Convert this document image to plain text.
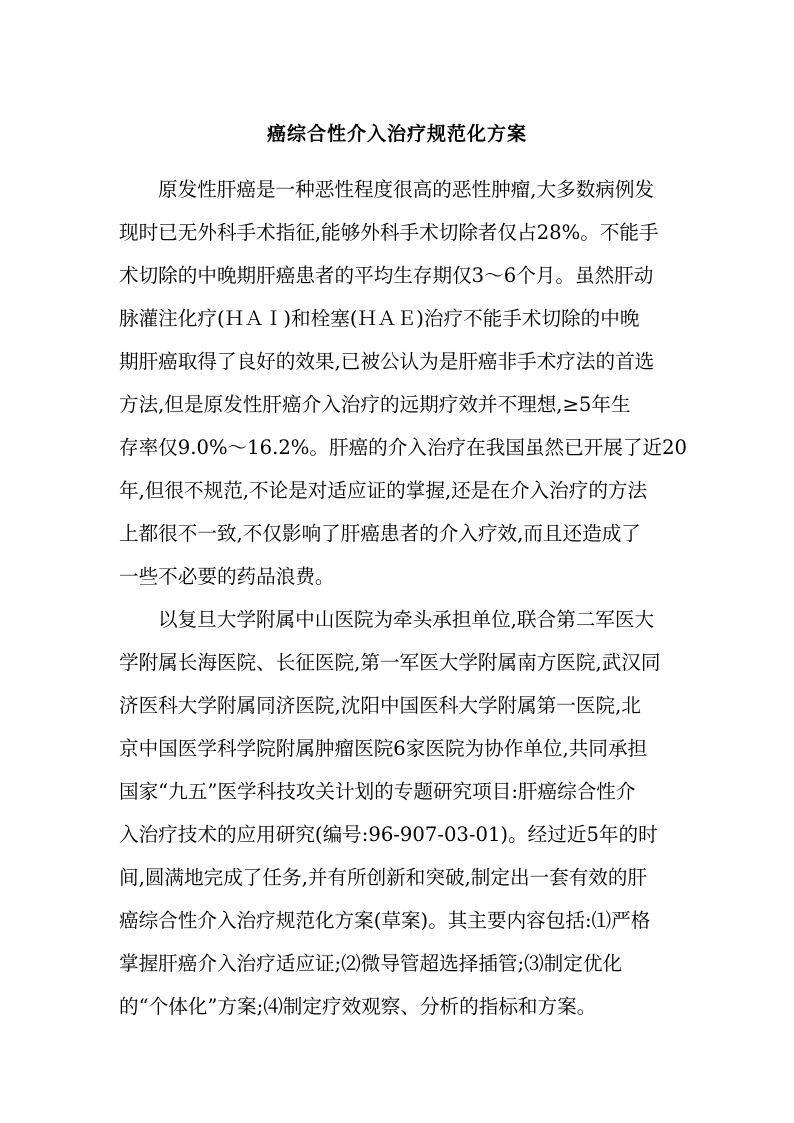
癌综合性介入治疗规范化方案

原发性肝癌是一种恶性程度很高的恶性肿瘤,大多数病例发

现时已无外科手术指征,能够外科手术切除者仅占28%。不能手

术切除的中晚期肝癌患者的平均生存期仅3～6个月。虽然肝动

脉灌注化疗(ＨＡＩ)和栓塞(ＨＡＥ)治疗不能手术切除的中晚

期肝癌取得了良好的效果,已被公认为是肝癌非手术疗法的首选

方法,但是原发性肝癌介入治疗的远期疗效并不理想,≥5年生

存率仅9.0%～16.2%。肝癌的介入治疗在我国虽然已开展了近20

年,但很不规范,不论是对适应证的掌握,还是在介入治疗的方法

上都很不一致,不仅影响了肝癌患者的介入疗效,而且还造成了

一些不必要的药品浪费。

以复旦大学附属中山医院为牵头承担单位,联合第二军医大

学附属长海医院、长征医院,第一军医大学附属南方医院,武汉同

济医科大学附属同济医院,沈阳中国医科大学附属第一医院,北

京中国医学科学院附属肿瘤医院6家医院为协作单位,共同承担

国家“九五”医学科技攻关计划的专题研究项目:肝癌综合性介

入治疗技术的应用研究(编号:96-907-03-01)。经过近5年的时

间,圆满地完成了任务,并有所创新和突破,制定出一套有效的肝

癌综合性介入治疗规范化方案(草案)。其主要内容包括:⑴严格

掌握肝癌介入治疗适应证;⑵微导管超选择插管;⑶制定优化

的“个体化”方案;⑷制定疗效观察、分析的指标和方案。
